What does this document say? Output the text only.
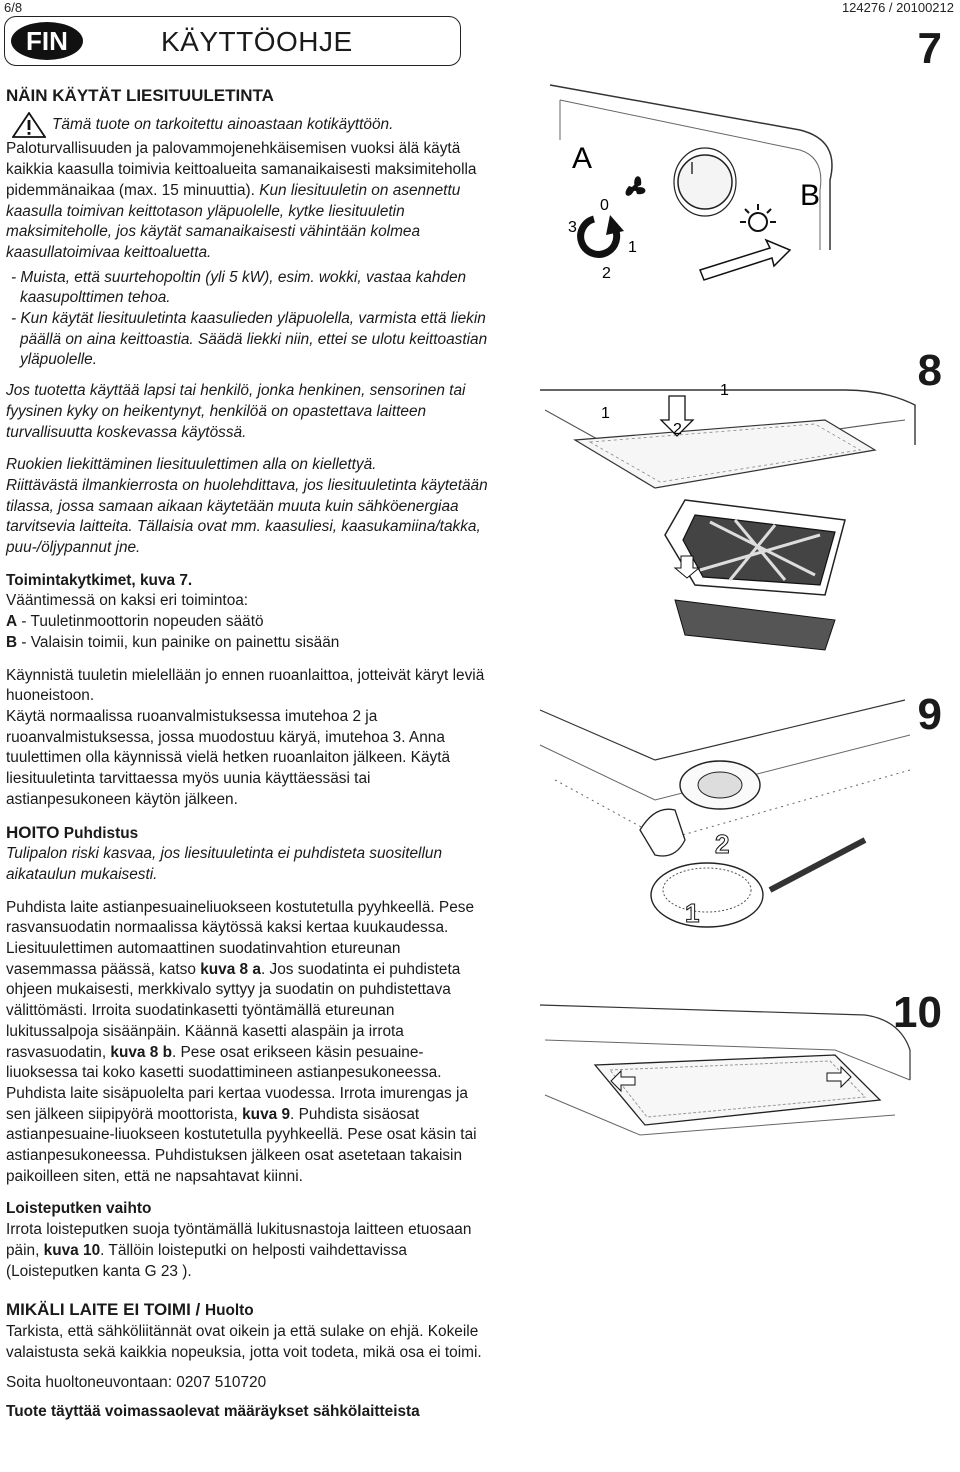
6/8	124276 / 20100212
FIN	KÄYTTÖOHJE

NÄIN KÄYTÄT LIESITUULETINTA

Tämä tuote on tarkoitettu ainoastaan kotikäyttöön.

Paloturvallisuuden ja palovammojenehkäisemisen vuoksi älä käytä kaikkia kaasulla toimivia keittoalueita samanaikaisesti maksimiteholla pidemmänaikaa (max. 15 minuuttia). Kun liesituuletin on asennettu kaasulla toimivan keittotason yläpuolelle, kytke liesituuletin maksimiteholle, jos käytät samanaikaisesti vähintään kolmea kaasullatoimivaa keittoaluetta.

- Muista, että suurtehopoltin (yli 5 kW), esim. wokki, vastaa kahden kaasupolttimen tehoa.

- Kun käytät liesituuletinta kaasulieden yläpuolella, varmista että liekin päällä on aina keittoastia. Säädä liekki niin, ettei se ulotu keittoastian yläpuolelle.

Jos tuotetta käyttää lapsi tai henkilö, jonka henkinen, sensorinen tai fyysinen kyky on heikentynyt, henkilöä on opastettava laitteen turvallisuutta koskevassa käytössä.

Ruokien liekittäminen liesituulettimen alla on kiellettyä.

Riittävästä ilmankierrosta on huolehdittava, jos liesituuletinta käytetään tilassa, jossa samaan aikaan käytetään muuta kuin sähköenergiaa tarvitsevia laitteita. Tällaisia ovat mm. kaasuliesi, kaasukamiina/takka, puu-/öljypannut jne.

Toimintakytkimet, kuva 7.

Vääntimessä on kaksi eri toimintoa:

A - Tuuletinmoottorin nopeuden säätö

B - Valaisin toimii, kun painike on painettu sisään

Käynnistä tuuletin mielellään jo ennen ruoanlaittoa, jotteivät käryt leviä huoneistoon.

Käytä normaalissa ruoanvalmistuksessa imutehoa 2 ja ruoanvalmistuksessa, jossa muodostuu käryä, imutehoa 3. Anna tuulettimen olla käynnissä vielä hetken ruoanlaiton jälkeen. Käytä liesituuletinta tarvittaessa myös uunia käyttäessäsi tai astianpesukoneen käytön jälkeen.

HOITO Puhdistus

Tulipalon riski kasvaa, jos liesituuletinta ei puhdisteta suositellun aikataulun mukaisesti.

Puhdista laite astianpesuaineliuokseen kostutetulla pyyhkeellä. Pese rasvansuodatin normaalissa käytössä kaksi kertaa kuukaudessa. Liesituulettimen automaattinen suodatinvahtion etureunan vasemmassa päässä, katso kuva 8 a. Jos suodatinta ei puhdisteta ohjeen mukaisesti, merkkivalo syttyy ja suodatin on puhdistettava välittömästi. Irroita suodatinkasetti työntämällä etureunan lukitussalpoja sisäänpäin. Käännä kasetti alaspäin ja irrota rasvasuodatin, kuva 8 b. Pese osat erikseen käsin pesuaine-liuoksessa tai koko kasetti suodattimineen astianpesukoneessa. Puhdista laite sisäpuolelta pari kertaa vuodessa. Irrota imurengas ja sen jälkeen siipipyörä moottorista, kuva 9. Puhdista sisäosat astianpesuaine-liuokseen kostutetulla pyyhkeellä. Pese osat käsin tai astianpesukoneessa. Puhdistuksen jälkeen osat asetetaan takaisin paikoilleen siten, että ne napsahtavat kiinni.

Loisteputken vaihto

Irrota loisteputken suoja työntämällä lukitusnastoja laitteen etuosaan päin, kuva 10. Tällöin loisteputki on helposti vaihdettavissa (Loisteputken kanta G 23 ).

MIKÄLI LAITE EI TOIMI / Huolto

Tarkista, että sähköliitännät ovat oikein ja että sulake on ehjä. Kokeile valaistusta sekä kaikkia nopeuksia, jotta voit todeta, mikä osa ei toimi.

Soita huoltoneuvontaan: 0207 510720

Tuote täyttää voimassaolevat määräykset sähkölaitteista

7
8
9
10
A
B
0
1
2
3
1
1
2
2
1
